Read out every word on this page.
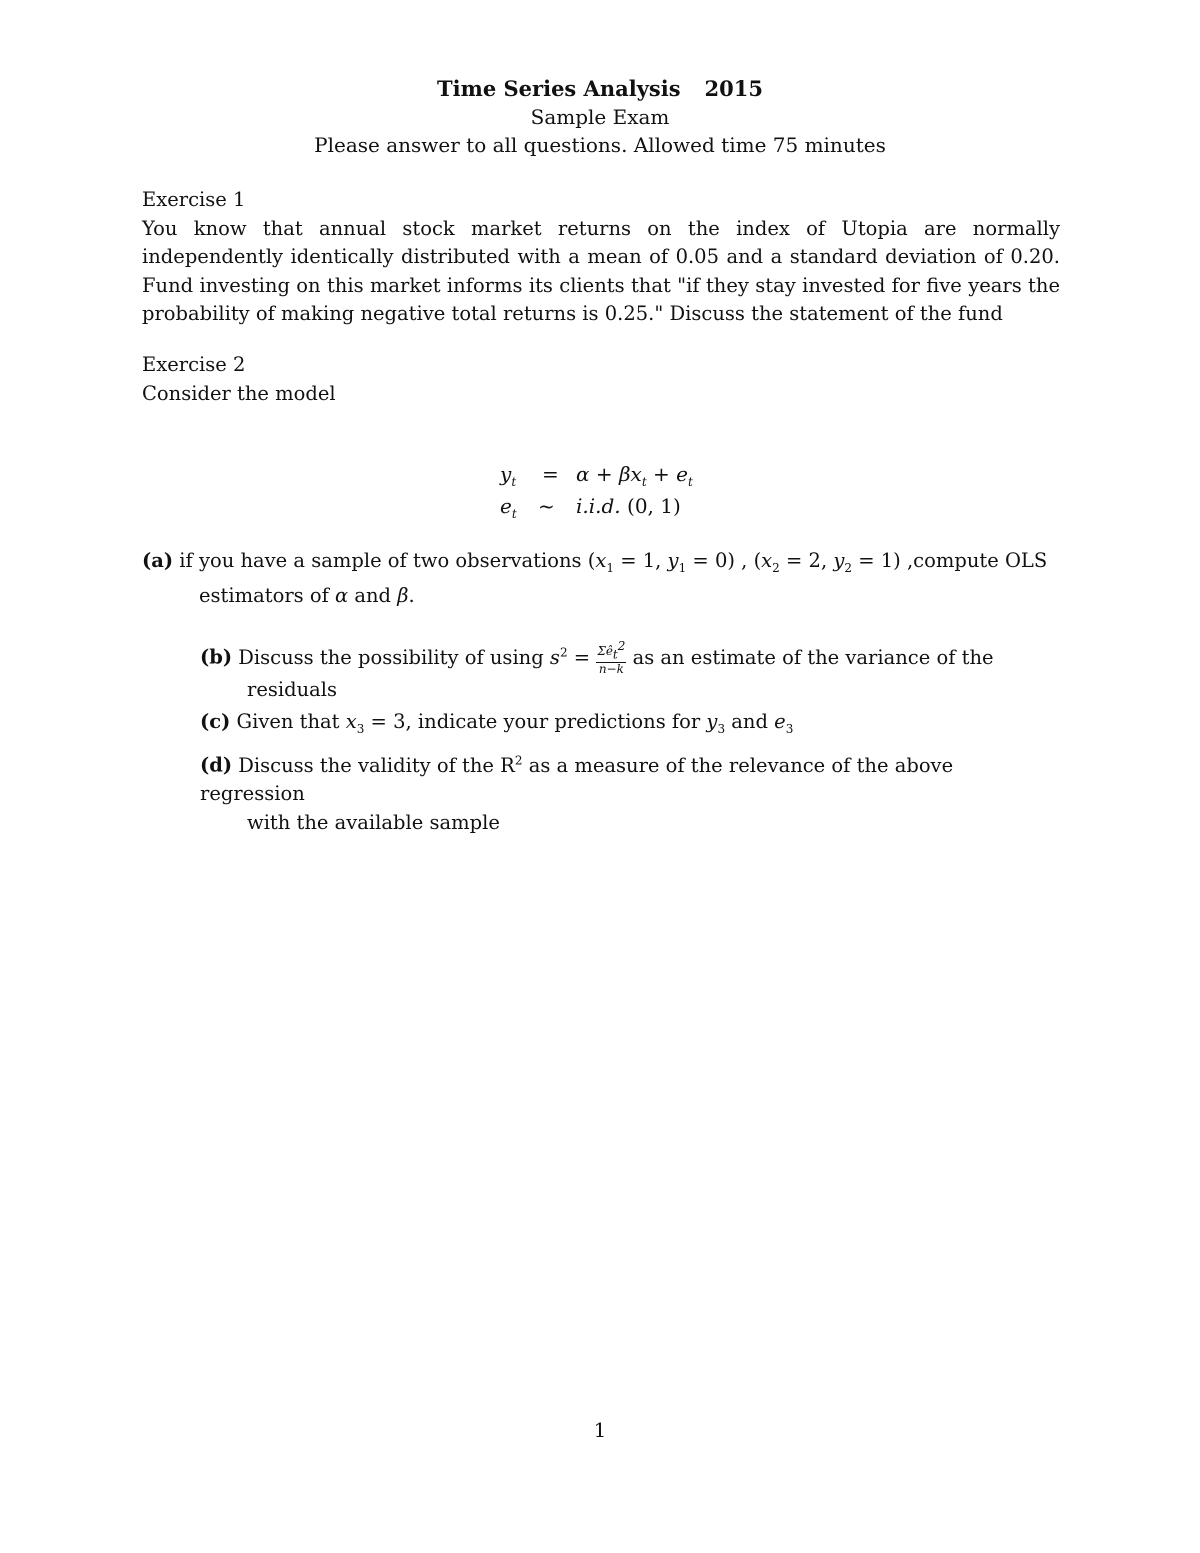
Time Series Analysis 2015
Sample Exam
Please answer to all questions. Allowed time 75 minutes
Exercise 1
You know that annual stock market returns on the index of Utopia are normally independently identically distributed with a mean of 0.05 and a standard deviation of 0.20. Fund investing on this market informs its clients that "if they stay invested for five years the probability of making negative total returns is 0.25." Discuss the statement of the fund
Exercise 2
Consider the model
$y_t = \alpha + \beta x_t + e_t$
$e_t$ ~ i.i.d. (0, 1)
(a) if you have a sample of two observations ($x_1 = 1$, $y_1 = 0$) , ($x_2 = 2$, $y_2 = 1$) ,compute OLS
estimators of α and β.
(b) Discuss the possibility of using $s^2 = \frac{\Sigma ê_t^2}{n-k}$ as an estimate of the variance of the
residuals
(c) Given that $x_3 = 3$, indicate your predictions for $y_3$ and $e_3$
(d) Discuss the validity of the $R^2$ as a measure of the relevance of the above regression
with the available sample
1
